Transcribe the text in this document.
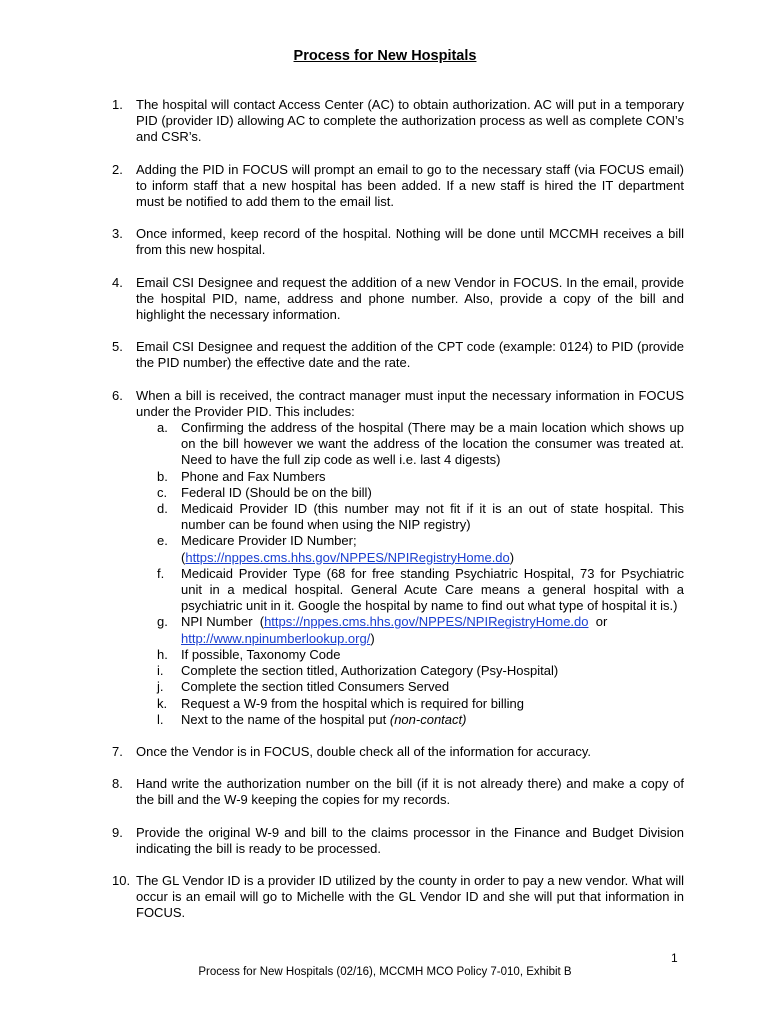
Process for New Hospitals
1. The hospital will contact Access Center (AC) to obtain authorization. AC will put in a temporary PID (provider ID) allowing AC to complete the authorization process as well as complete CON’s and CSR’s.
2. Adding the PID in FOCUS will prompt an email to go to the necessary staff (via FOCUS email) to inform staff that a new hospital has been added. If a new staff is hired the IT department must be notified to add them to the email list.
3. Once informed, keep record of the hospital. Nothing will be done until MCCMH receives a bill from this new hospital.
4. Email CSI Designee and request the addition of a new Vendor in FOCUS. In the email, provide the hospital PID, name, address and phone number. Also, provide a copy of the bill and highlight the necessary information.
5. Email CSI Designee and request the addition of the CPT code (example: 0124) to PID (provide the PID number) the effective date and the rate.
6. When a bill is received, the contract manager must input the necessary information in FOCUS under the Provider PID. This includes:
a. Confirming the address of the hospital (There may be a main location which shows up on the bill however we want the address of the location the consumer was treated at. Need to have the full zip code as well i.e. last 4 digests)
b. Phone and Fax Numbers
c. Federal ID (Should be on the bill)
d. Medicaid Provider ID (this number may not fit if it is an out of state hospital. This number can be found when using the NIP registry)
e. Medicare Provider ID Number;
(https://nppes.cms.hhs.gov/NPPES/NPIRegistryHome.do)
f. Medicaid Provider Type (68 for free standing Psychiatric Hospital, 73 for Psychiatric unit in a medical hospital. General Acute Care means a general hospital with a psychiatric unit in it. Google the hospital by name to find out what type of hospital it is.)
g. NPI Number  (https://nppes.cms.hhs.gov/NPPES/NPIRegistryHome.do  or
http://www.npinumberlookup.org/)
h. If possible, Taxonomy Code
i. Complete the section titled, Authorization Category (Psy-Hospital)
j. Complete the section titled Consumers Served
k. Request a W-9 from the hospital which is required for billing
l. Next to the name of the hospital put (non-contact)
7. Once the Vendor is in FOCUS, double check all of the information for accuracy.
8. Hand write the authorization number on the bill (if it is not already there) and make a copy of the bill and the W-9 keeping the copies for my records.
9. Provide the original W-9 and bill to the claims processor in the Finance and Budget Division indicating the bill is ready to be processed.
10. The GL Vendor ID is a provider ID utilized by the county in order to pay a new vendor. What will occur is an email will go to Michelle with the GL Vendor ID and she will put that information in FOCUS.
1
Process for New Hospitals (02/16), MCCMH MCO Policy 7-010, Exhibit B
